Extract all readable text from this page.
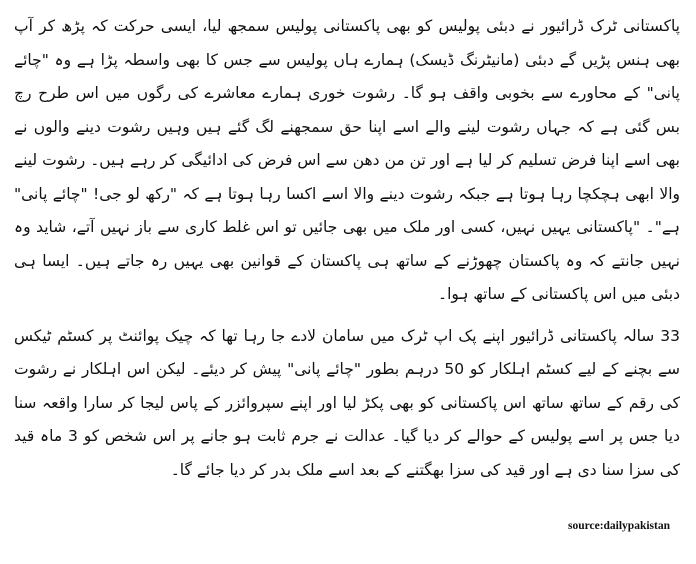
پاکستانی ٹرک ڈرائیور نے دبئی پولیس کو بھی پاکستانی پولیس سمجھ لیا، ایسی حرکت کہ پڑھ کر آپ بھی ہنس پڑیں گے دبئی (مانیٹرنگ ڈیسک) ہمارے ہاں پولیس سے جس کا بھی واسطہ پڑا ہے وہ "چائے پانی" کے محاورے سے بخوبی واقف ہو گا۔ رشوت خوری ہمارے معاشرے کی رگوں میں اس طرح رچ بس گئی ہے کہ جہاں رشوت لینے والے اسے اپنا حق سمجھنے لگ گئے ہیں وہیں رشوت دینے والوں نے بھی اسے اپنا فرض تسلیم کر لیا ہے اور تن من دھن سے اس فرض کی ادائیگی کر رہے ہیں۔ رشوت لینے والا ابھی ہچکچا رہا ہوتا ہے جبکہ رشوت دینے والا اسے اکسا رہا ہوتا ہے کہ "رکھ لو جی! "چائے پانی" ہے"۔ "پاکستانی یہیں نہیں، کسی اور ملک میں بھی جائیں تو اس غلط کاری سے باز نہیں آتے، شاید وہ نہیں جانتے کہ وہ پاکستان چھوڑنے کے ساتھ ہی پاکستان کے قوانین بھی یہیں رہ جاتے ہیں۔ ایسا ہی دبئی میں اس پاکستانی کے ساتھ ہوا۔

33 سالہ پاکستانی ڈرائیور اپنے پک اپ ٹرک میں سامان لادے جا رہا تھا کہ چیک پوائنٹ پر کسٹم ٹیکس سے بچنے کے لیے کسٹم اہلکار کو 50 درہم بطور "چائے پانی" پیش کر دیئے۔ لیکن اس اہلکار نے رشوت کی رقم کے ساتھ ساتھ اس پاکستانی کو بھی پکڑ لیا اور اپنے سپروائزر کے پاس لیجا کر سارا واقعہ سنا دیا جس پر اسے پولیس کے حوالے کر دیا گیا۔ عدالت نے جرم ثابت ہو جانے پر اس شخص کو 3 ماہ قید کی سزا سنا دی ہے اور قید کی سزا بھگتنے کے بعد اسے ملک بدر کر دیا جائے گا۔

source:dailypakistan
